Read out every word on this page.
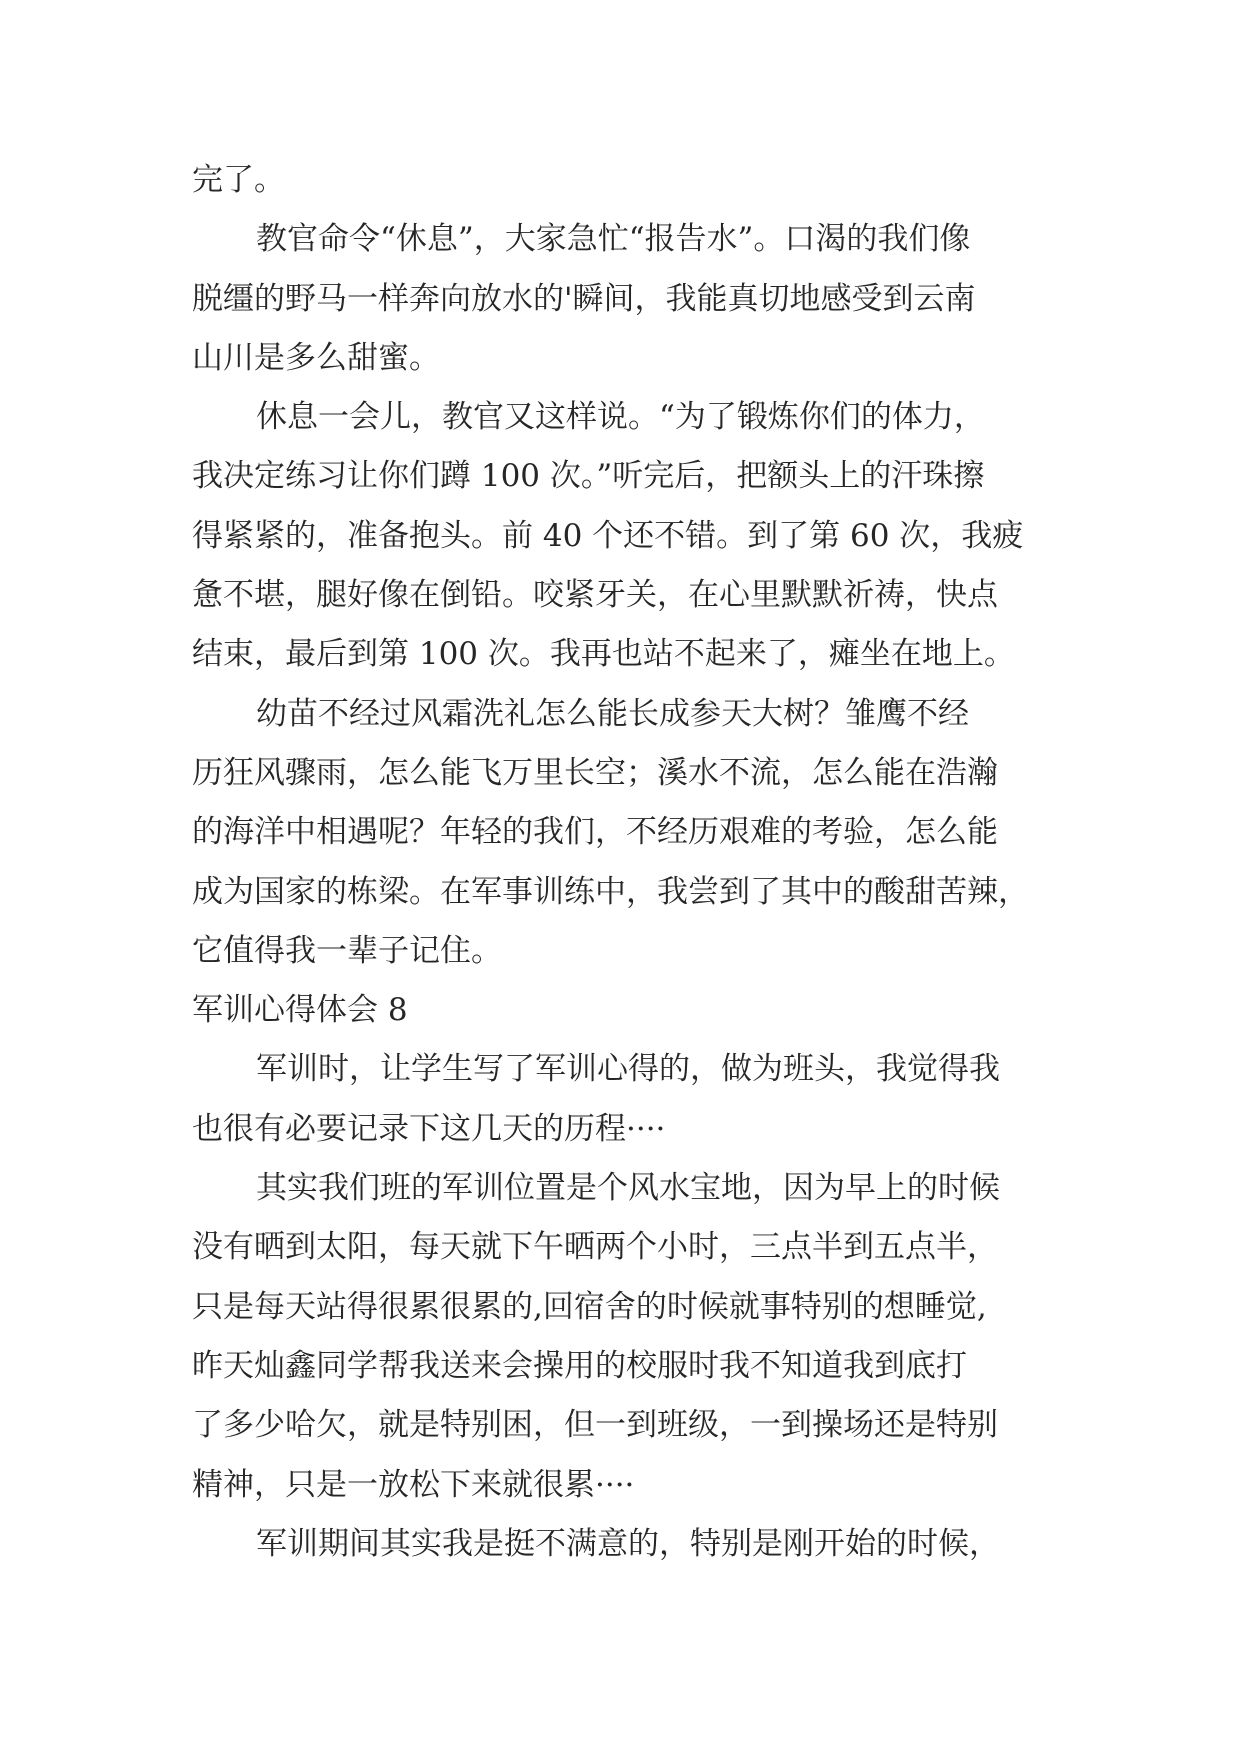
完了。
教官命令“休息”，大家急忙“报告水”。口渴的我们像
脱缰的野马一样奔向放水的'瞬间，我能真切地感受到云南
山川是多么甜蜜。
休息一会儿，教官又这样说。“为了锻炼你们的体力，
我决定练习让你们蹲 100 次。”听完后，把额头上的汗珠擦
得紧紧的，准备抱头。前 40 个还不错。到了第 60 次，我疲
惫不堪，腿好像在倒铅。咬紧牙关，在心里默默祈祷，快点
结束，最后到第 100 次。我再也站不起来了，瘫坐在地上。
幼苗不经过风霜洗礼怎么能长成参天大树？雏鹰不经
历狂风骤雨，怎么能飞万里长空；溪水不流，怎么能在浩瀚
的海洋中相遇呢？年轻的我们，不经历艰难的考验，怎么能
成为国家的栋梁。在军事训练中，我尝到了其中的酸甜苦辣，
它值得我一辈子记住。
军训心得体会 8
军训时，让学生写了军训心得的，做为班头，我觉得我
也很有必要记录下这几天的历程····
其实我们班的军训位置是个风水宝地，因为早上的时候
没有晒到太阳，每天就下午晒两个小时，三点半到五点半，
只是每天站得很累很累的,回宿舍的时候就事特别的想睡觉,
昨天灿鑫同学帮我送来会操用的校服时我不知道我到底打
了多少哈欠，就是特别困，但一到班级，一到操场还是特别
精神，只是一放松下来就很累····
军训期间其实我是挺不满意的，特别是刚开始的时候，
